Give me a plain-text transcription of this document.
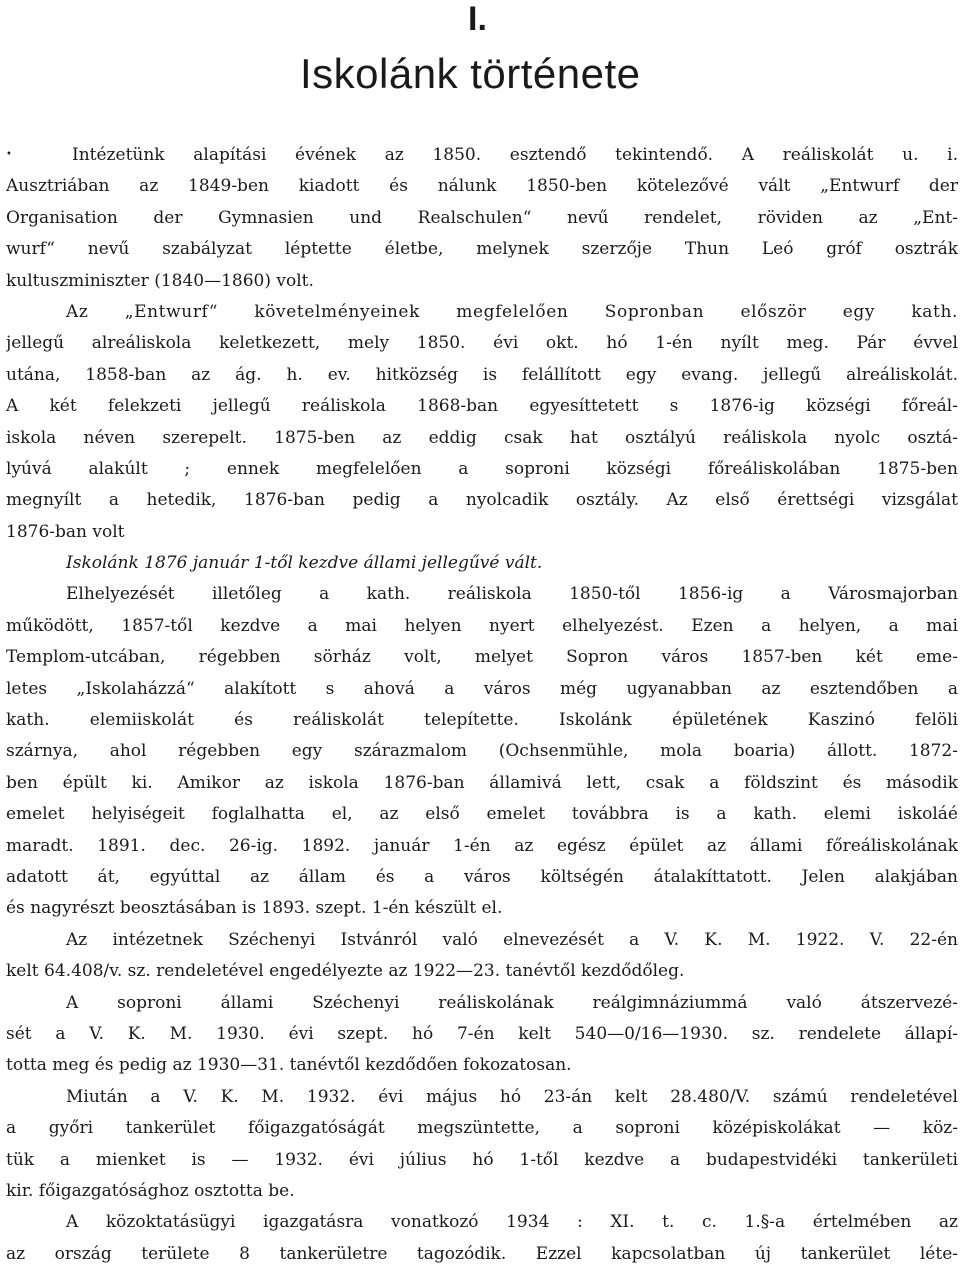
I.
Iskolánk története
•	Intézetünk alapítási évének az 1850. esztendő tekintendő. A reáliskolát u. i.
Ausztriában az 1849-ben kiadott és nálunk 1850-ben kötelezővé vált „Entwurf der
Organisation der Gymnasien und Realschulen“ nevű rendelet, röviden az „Ent-
wurf“ nevű szabályzat léptette életbe, melynek szerzője Thun Leó gróf osztrák
kultuszminiszter (1840—1860) volt.
Az „Entwurf“ követelményeinek megfelelően Sopronban először egy kath.
jellegű alreáliskola keletkezett, mely 1850. évi okt. hó 1-én nyílt meg. Pár évvel
utána, 1858-ban az ág. h. ev. hitközség is felállított egy evang. jellegű alreáliskolát.
A két felekzeti jellegű reáliskola 1868-ban egyesíttetett s 1876-ig községi főreál-
iskola néven szerepelt. 1875-ben az eddig csak hat osztályú reáliskola nyolc osztá-
lyúvá alakúlt ; ennek megfelelően a soproni községi főreáliskolában 1875-ben
megnyílt a hetedik, 1876-ban pedig a nyolcadik osztály. Az első érettségi vizsgálat
1876-ban volt
Iskolánk 1876 január 1-től kezdve állami jellegűvé vált.
Elhelyezését illetőleg a kath. reáliskola 1850-től 1856-ig a Városmajorban
működött, 1857-től kezdve a mai helyen nyert elhelyezést. Ezen a helyen, a mai
Templom-utcában, régebben sörház volt, melyet Sopron város 1857-ben két eme-
letes „Iskolaházzá“ alakított s ahová a város még ugyanabban az esztendőben a
kath. elemiiskolát és reáliskolát telepítette. Iskolánk épületének Kaszinó felöli
szárnya, ahol régebben egy szárazmalom (Ochsenmühle, mola boaria) állott. 1872-
ben épült ki. Amikor az iskola 1876-ban államivá lett, csak a földszint és második
emelet helyiségeit foglalhatta el, az első emelet továbbra is a kath. elemi iskoláé
maradt. 1891. dec. 26-ig. 1892. január 1-én az egész épület az állami főreáliskolának
adatott át, egyúttal az állam és a város költségén átalakíttatott. Jelen alakjában
és nagyrészt beosztásában is 1893. szept. 1-én készült el.
Az intézetnek Széchenyi Istvánról való elnevezését a V. K. M. 1922. V. 22-én
kelt 64.408/v. sz. rendeletével engedélyezte az 1922—23. tanévtől kezdődőleg.
A soproni állami Széchenyi reáliskolának reálgimnáziummá való átszervezé-
sét a V. K. M. 1930. évi szept. hó 7-én kelt 540—0/16—1930. sz. rendelete állapí-
totta meg és pedig az 1930—31. tanévtől kezdődően fokozatosan.
Miután a V. K. M. 1932. évi május hó 23-án kelt 28.480/V. számú rendeletével
a győri tankerület főigazgatóságát megszüntette, a soproni középiskolákat — köz-
tük a mienket is — 1932. évi július hó 1-től kezdve a budapestvidéki tankerületi
kir. főigazgatósághoz osztotta be.
A közoktatásügyi igazgatásra vonatkozó 1934 : XI. t. c. 1.§-a értelmében az
az ország területe 8 tankerületre tagozódik. Ezzel kapcsolatban új tankerület léte-
